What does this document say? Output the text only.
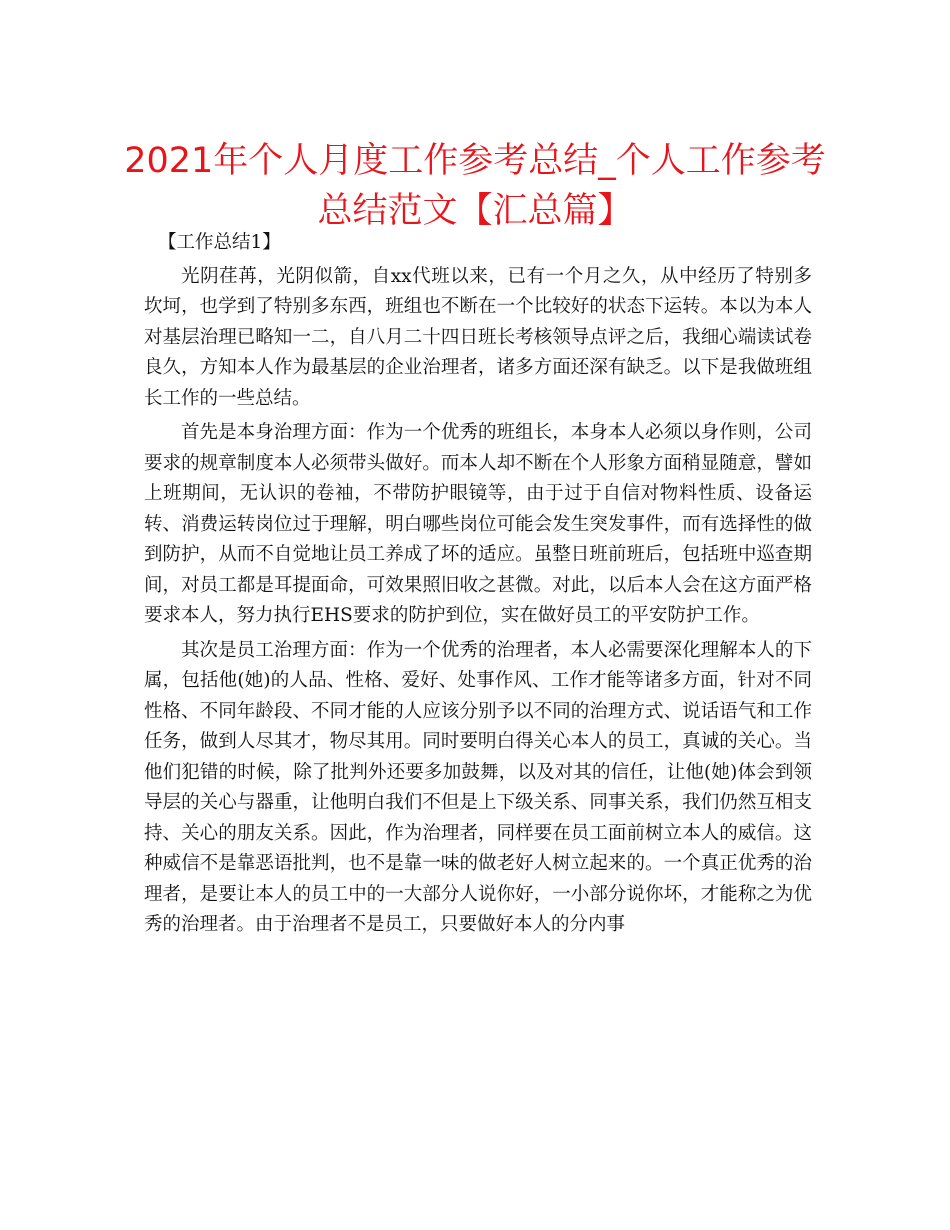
2021年个人月度工作参考总结_个人工作参考总结范文【汇总篇】

【工作总结1】

光阴荏苒，光阴似箭，自xx代班以来，已有一个月之久，从中经历了特别多坎坷，也学到了特别多东西，班组也不断在一个比较好的状态下运转。本以为本人对基层治理已略知一二，自八月二十四日班长考核领导点评之后，我细心端读试卷良久，方知本人作为最基层的企业治理者，诸多方面还深有缺乏。以下是我做班组长工作的一些总结。

首先是本身治理方面：作为一个优秀的班组长，本身本人必须以身作则，公司要求的规章制度本人必须带头做好。而本人却不断在个人形象方面稍显随意，譬如上班期间，无认识的卷袖，不带防护眼镜等，由于过于自信对物料性质、设备运转、消费运转岗位过于理解，明白哪些岗位可能会发生突发事件，而有选择性的做到防护，从而不自觉地让员工养成了坏的适应。虽整日班前班后，包括班中巡查期间，对员工都是耳提面命，可效果照旧收之甚微。对此，以后本人会在这方面严格要求本人，努力执行EHS要求的防护到位，实在做好员工的平安防护工作。

其次是员工治理方面：作为一个优秀的治理者，本人必需要深化理解本人的下属，包括他(她)的人品、性格、爱好、处事作风、工作才能等诸多方面，针对不同性格、不同年龄段、不同才能的人应该分别予以不同的治理方式、说话语气和工作任务，做到人尽其才，物尽其用。同时要明白得关心本人的员工，真诚的关心。当他们犯错的时候，除了批判外还要多加鼓舞，以及对其的信任，让他(她)体会到领导层的关心与器重，让他明白我们不但是上下级关系、同事关系，我们仍然互相支持、关心的朋友关系。因此，作为治理者，同样要在员工面前树立本人的威信。这种威信不是靠恶语批判，也不是靠一味的做老好人树立起来的。一个真正优秀的治理者，是要让本人的员工中的一大部分人说你好，一小部分说你坏，才能称之为优秀的治理者。由于治理者不是员工，只要做好本人的分内事
